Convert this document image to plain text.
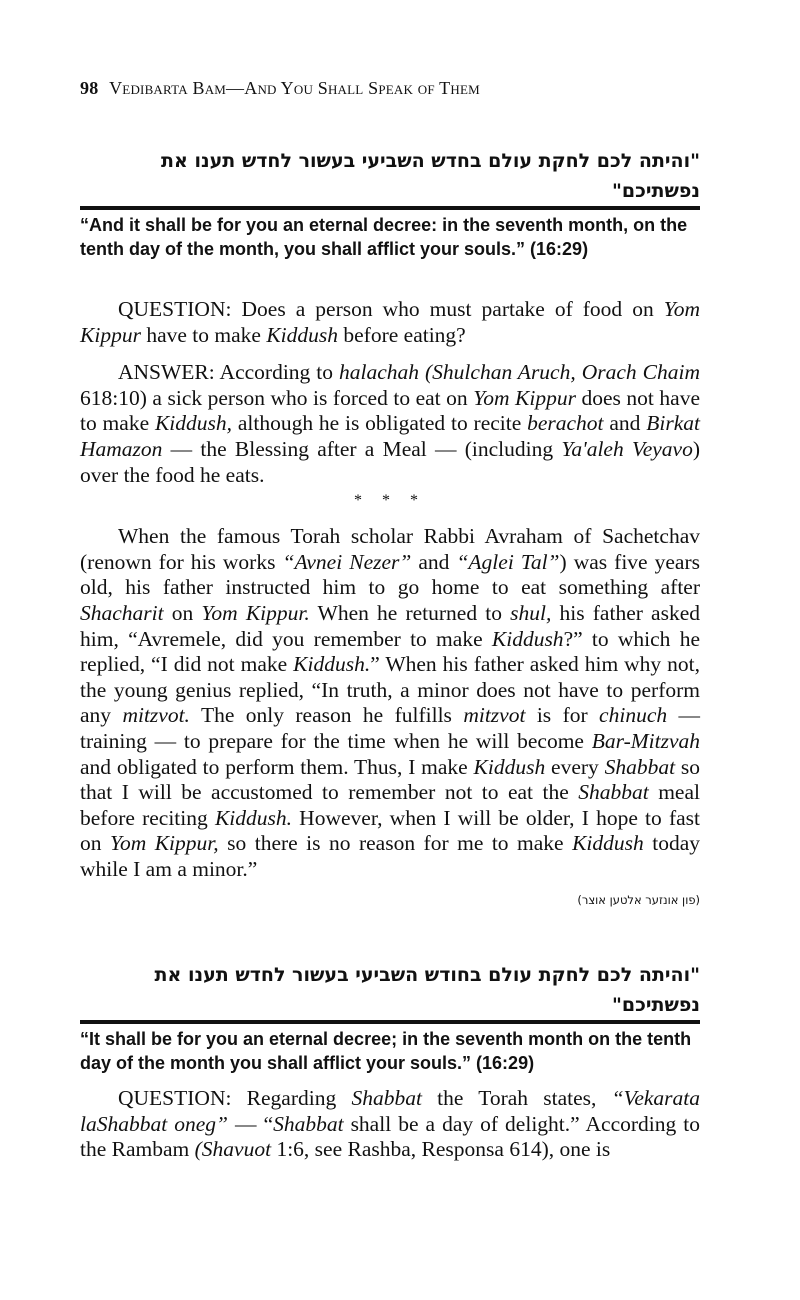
98 Vedibarta Bam—And You Shall Speak of Them
"והיתה לכם לחקת עולם בחדש השביעי בעשור לחדש תענו את
נפשתיכם"

“And it shall be for you an eternal decree: in the seventh month, on the tenth day of the month, you shall afflict your souls.” (16:29)

QUESTION: Does a person who must partake of food on Yom Kippur have to make Kiddush before eating?

ANSWER: According to halachah (Shulchan Aruch, Orach Chaim 618:10) a sick person who is forced to eat on Yom Kippur does not have to make Kiddush, although he is obligated to recite berachot and Birkat Hamazon — the Blessing after a Meal — (including Ya'aleh Veyavo) over the food he eats.

* * *

When the famous Torah scholar Rabbi Avraham of Sachetchav (renown for his works “Avnei Nezer” and “Aglei Tal”) was five years old, his father instructed him to go home to eat something after Shacharit on Yom Kippur. When he returned to shul, his father asked him, “Avremele, did you remember to make Kiddush?” to which he replied, “I did not make Kiddush.” When his father asked him why not, the young genius replied, “In truth, a minor does not have to perform any mitzvot. The only reason he fulfills mitzvot is for chinuch — training — to prepare for the time when he will become Bar-Mitzvah and obligated to perform them. Thus, I make Kiddush every Shabbat so that I will be accustomed to remember not to eat the Shabbat meal before reciting Kiddush. However, when I will be older, I hope to fast on Yom Kippur, so there is no reason for me to make Kiddush today while I am a minor.”

(פון אונזער אלטען אוצר)
"והיתה לכם לחקת עולם בחודש השביעי בעשור לחדש תענו את
נפשתיכם"

“It shall be for you an eternal decree; in the seventh month on the tenth day of the month you shall afflict your souls.” (16:29)

QUESTION: Regarding Shabbat the Torah states, “Vekarata laShabbat oneg” — “Shabbat shall be a day of delight.” According to the Rambam (Shavuot 1:6, see Rashba, Responsa 614), one is
